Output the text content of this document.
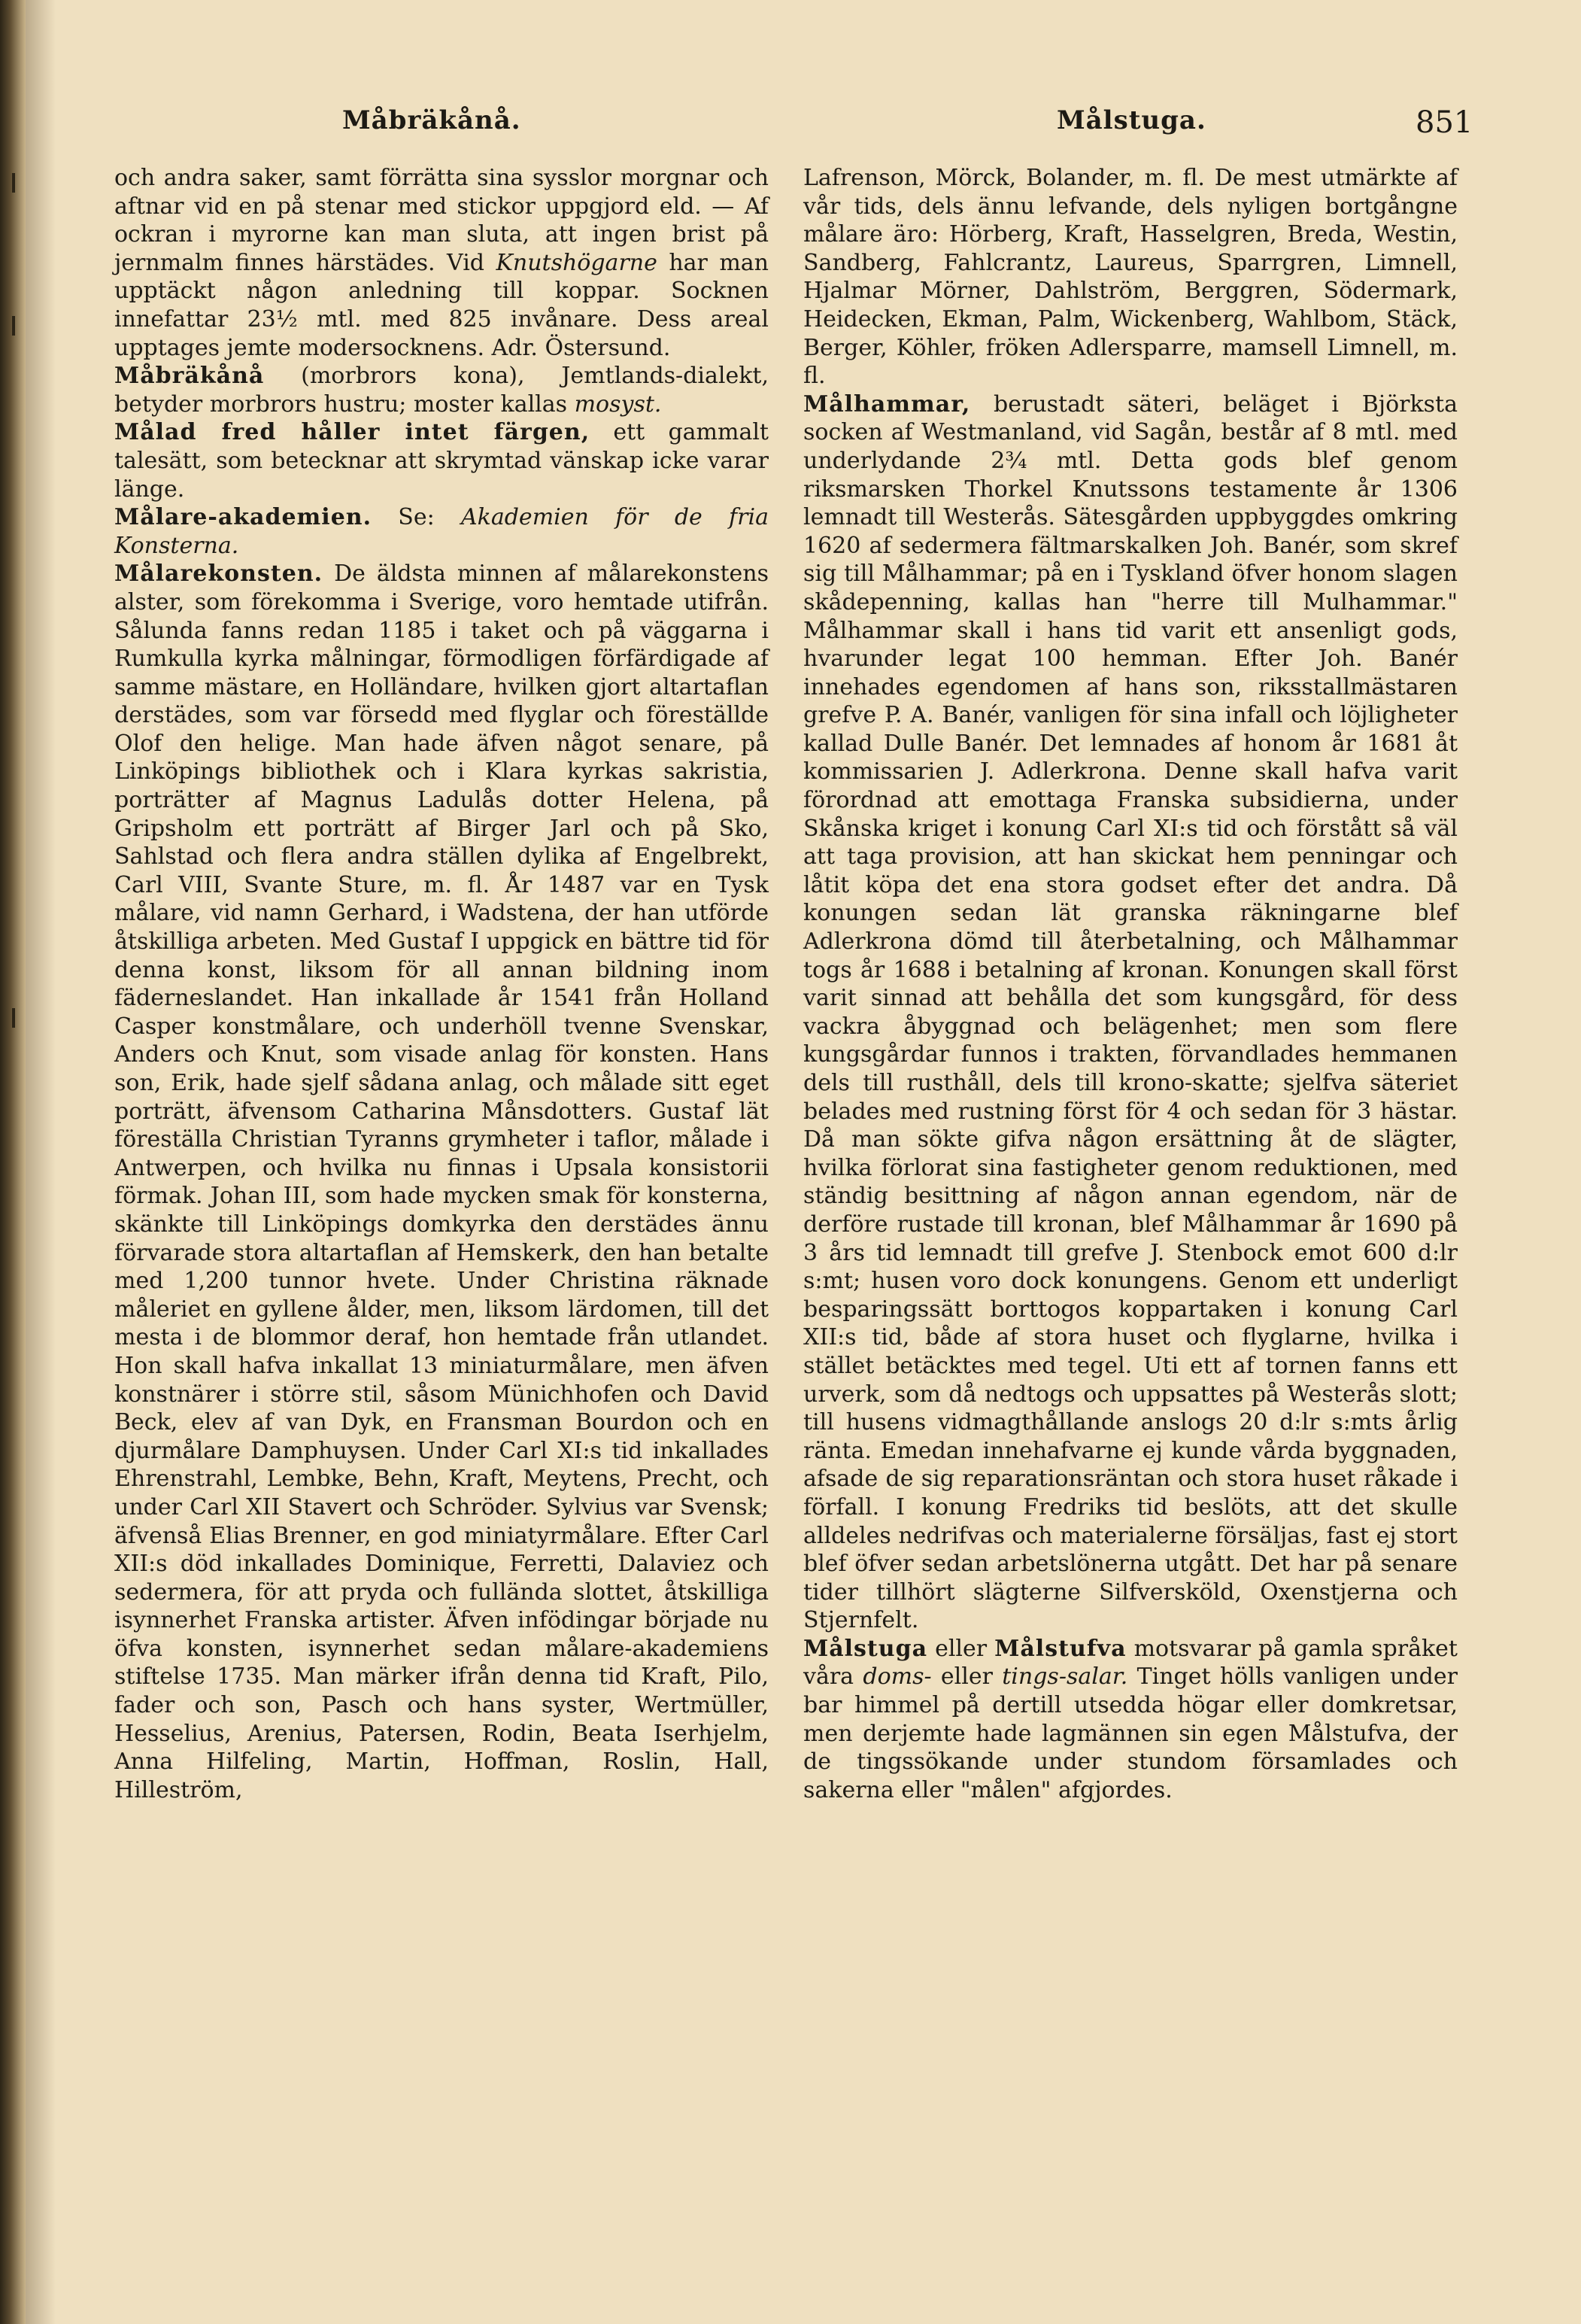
Måbräkånå.	Målstuga.	851

och andra saker, samt förrätta sina sysslor morgnar och aftnar vid en på stenar med stickor uppgjord eld. — Af ockran i myrorne kan man sluta, att ingen brist på jernmalm finnes härstädes. Vid Knutshögarne har man upptäckt någon anledning till koppar. Socknen innefattar 23½ mtl. med 825 invånare. Dess areal upptages jemte modersocknens. Adr. Östersund.

Måbräkånå (morbrors kona), Jemtlands-dialekt, betyder morbrors hustru; moster kallas mosyst.

Målad fred håller intet färgen, ett gammalt talesätt, som betecknar att skrymtad vänskap icke varar länge.

Målare-akademien. Se: Akademien för de fria Konsterna.

Målarekonsten. De äldsta minnen af målarekonstens alster, som förekomma i Sverige, voro hemtade utifrån. Sålunda fanns redan 1185 i taket och på väggarna i Rumkulla kyrka målningar, förmodligen förfärdigade af samme mästare, en Holländare, hvilken gjort altartaflan derstädes, som var försedd med flyglar och föreställde Olof den helige. Man hade äfven något senare, på Linköpings bibliothek och i Klara kyrkas sakristia, porträtter af Magnus Ladulås dotter Helena, på Gripsholm ett porträtt af Birger Jarl och på Sko, Sahlstad och flera andra ställen dylika af Engelbrekt, Carl VIII, Svante Sture, m. fl. År 1487 var en Tysk målare, vid namn Gerhard, i Wadstena, der han utförde åtskilliga arbeten. Med Gustaf I uppgick en bättre tid för denna konst, liksom för all annan bildning inom fäderneslandet. Han inkallade år 1541 från Holland Casper konstmålare, och underhöll tvenne Svenskar, Anders och Knut, som visade anlag för konsten. Hans son, Erik, hade sjelf sådana anlag, och målade sitt eget porträtt, äfvensom Catharina Månsdotters. Gustaf lät föreställa Christian Tyranns grymheter i taflor, målade i Antwerpen, och hvilka nu finnas i Upsala konsistorii förmak. Johan III, som hade mycken smak för konsterna, skänkte till Linköpings domkyrka den derstädes ännu förvarade stora altartaflan af Hemskerk, den han betalte med 1,200 tunnor hvete. Under Christina räknade måleriet en gyllene ålder, men, liksom lärdomen, till det mesta i de blommor deraf, hon hemtade från utlandet. Hon skall hafva inkallat 13 miniaturmålare, men äfven konstnärer i större stil, såsom Münichhofen och David Beck, elev af van Dyk, en Fransman Bourdon och en djurmålare Damphuysen. Under Carl XI:s tid inkallades Ehrenstrahl, Lembke, Behn, Kraft, Meytens, Precht, och under Carl XII Stavert och Schröder. Sylvius var Svensk; äfvenså Elias Brenner, en god miniatyrmålare. Efter Carl XII:s död inkallades Dominique, Ferretti, Dalaviez och sedermera, för att pryda och fullända slottet, åtskilliga isynnerhet Franska artister. Äfven infödingar började nu öfva konsten, isynnerhet sedan målare-akademiens stiftelse 1735. Man märker ifrån denna tid Kraft, Pilo, fader och son, Pasch och hans syster, Wertmüller, Hesselius, Arenius, Patersen, Rodin, Beata Iserhjelm, Anna Hilfeling, Martin, Hoffman, Roslin, Hall, Hilleström,

Lafrenson, Mörck, Bolander, m. fl. De mest utmärkte af vår tids, dels ännu lefvande, dels nyligen bortgångne målare äro: Hörberg, Kraft, Hasselgren, Breda, Westin, Sandberg, Fahlcrantz, Laureus, Sparrgren, Limnell, Hjalmar Mörner, Dahlström, Berggren, Södermark, Heidecken, Ekman, Palm, Wickenberg, Wahlbom, Stäck, Berger, Köhler, fröken Adlersparre, mamsell Limnell, m. fl.

Målhammar, berustadt säteri, beläget i Björksta socken af Westmanland, vid Sagån, består af 8 mtl. med underlydande 2¾ mtl. Detta gods blef genom riksmarsken Thorkel Knutssons testamente år 1306 lemnadt till Westerås. Sätesgården uppbyggdes omkring 1620 af sedermera fältmarskalken Joh. Banér, som skref sig till Målhammar; på en i Tyskland öfver honom slagen skådepenning, kallas han "herre till Mulhammar." Målhammar skall i hans tid varit ett ansenligt gods, hvarunder legat 100 hemman. Efter Joh. Banér innehades egendomen af hans son, riksstallmästaren grefve P. A. Banér, vanligen för sina infall och löjligheter kallad Dulle Banér. Det lemnades af honom år 1681 åt kommissarien J. Adlerkrona. Denne skall hafva varit förordnad att emottaga Franska subsidierna, under Skånska kriget i konung Carl XI:s tid och förstått så väl att taga provision, att han skickat hem penningar och låtit köpa det ena stora godset efter det andra. Då konungen sedan lät granska räkningarne blef Adlerkrona dömd till återbetalning, och Målhammar togs år 1688 i betalning af kronan. Konungen skall först varit sinnad att behålla det som kungsgård, för dess vackra åbyggnad och belägenhet; men som flere kungsgårdar funnos i trakten, förvandlades hemmanen dels till rusthåll, dels till krono-skatte; sjelfva säteriet belades med rustning först för 4 och sedan för 3 hästar. Då man sökte gifva någon ersättning åt de slägter, hvilka förlorat sina fastigheter genom reduktionen, med ständig besittning af någon annan egendom, när de derföre rustade till kronan, blef Målhammar år 1690 på 3 års tid lemnadt till grefve J. Stenbock emot 600 d:lr s:mt; husen voro dock konungens. Genom ett underligt besparingssätt borttogos koppartaken i konung Carl XII:s tid, både af stora huset och flyglarne, hvilka i stället betäcktes med tegel. Uti ett af tornen fanns ett urverk, som då nedtogs och uppsattes på Westerås slott; till husens vidmagthållande anslogs 20 d:lr s:mts årlig ränta. Emedan innehafvarne ej kunde vårda byggnaden, afsade de sig reparationsräntan och stora huset råkade i förfall. I konung Fredriks tid beslöts, att det skulle alldeles nedrifvas och materialerne försäljas, fast ej stort blef öfver sedan arbetslönerna utgått. Det har på senare tider tillhört slägterne Silfversköld, Oxenstjerna och Stjernfelt.

Målstuga eller Målstufva motsvarar på gamla språket våra doms- eller tings-salar. Tinget hölls vanligen under bar himmel på dertill utsedda högar eller domkretsar, men derjemte hade lagmännen sin egen Målstufva, der de tingssökande under stundom församlades och sakerna eller "målen" afgjordes.
